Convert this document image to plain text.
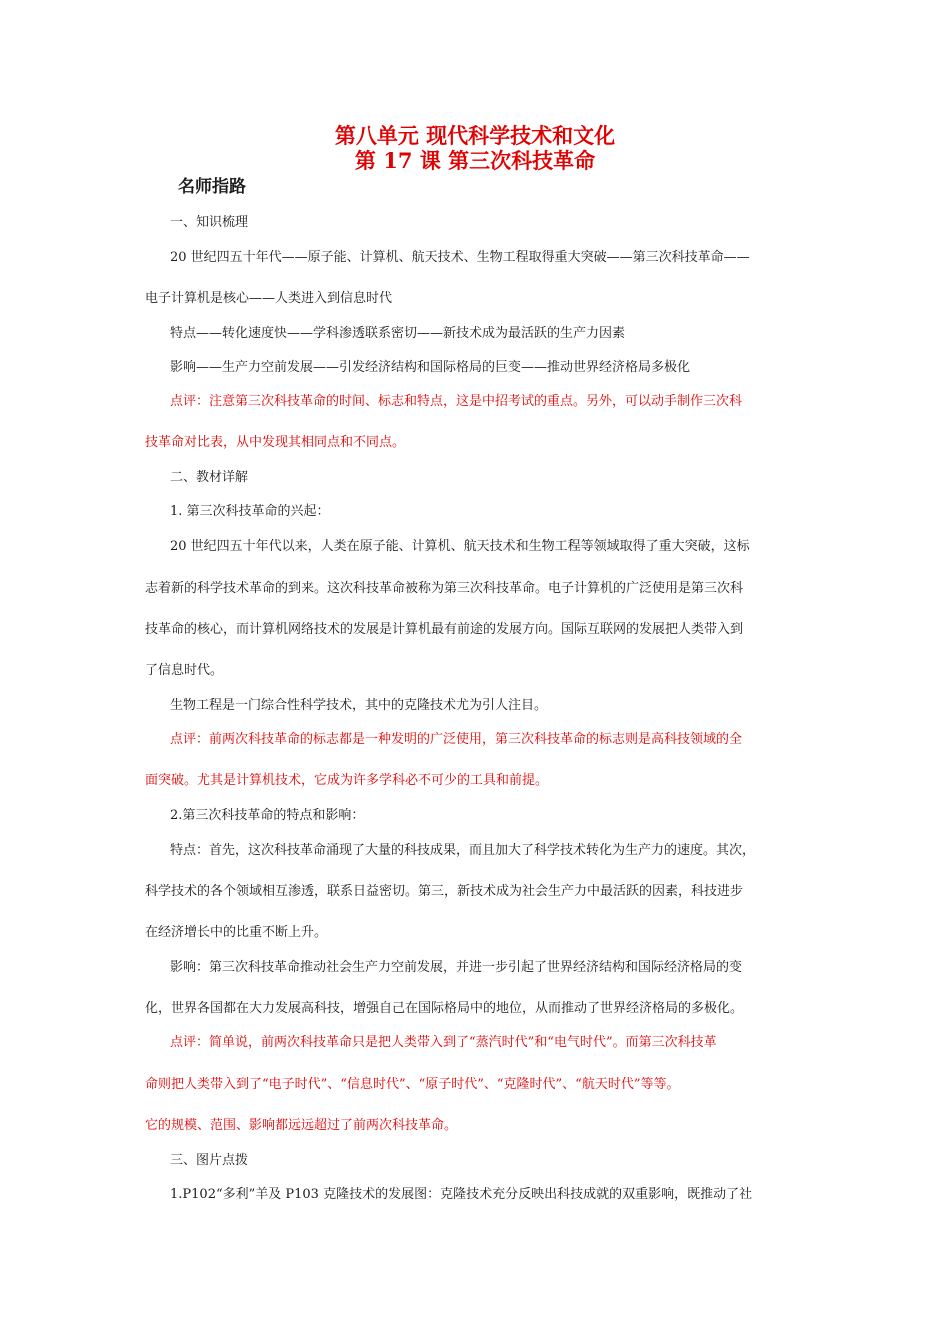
第八单元 现代科学技术和文化
第 17 课 第三次科技革命
名师指路
一、知识梳理
20 世纪四五十年代——原子能、计算机、航天技术、生物工程取得重大突破——第三次科技革命——
电子计算机是核心——人类进入到信息时代
特点——转化速度快——学科渗透联系密切——新技术成为最活跃的生产力因素
影响——生产力空前发展——引发经济结构和国际格局的巨变——推动世界经济格局多极化
点评：注意第三次科技革命的时间、标志和特点，这是中招考试的重点。另外，可以动手制作三次科
技革命对比表，从中发现其相同点和不同点。
二、教材详解
1. 第三次科技革命的兴起：
20 世纪四五十年代以来，人类在原子能、计算机、航天技术和生物工程等领域取得了重大突破，这标
志着新的科学技术革命的到来。这次科技革命被称为第三次科技革命。电子计算机的广泛使用是第三次科
技革命的核心，而计算机网络技术的发展是计算机最有前途的发展方向。国际互联网的发展把人类带入到
了信息时代。
生物工程是一门综合性科学技术，其中的克隆技术尤为引人注目。
点评：前两次科技革命的标志都是一种发明的广泛使用，第三次科技革命的标志则是高科技领域的全
面突破。尤其是计算机技术，它成为许多学科必不可少的工具和前提。
2.第三次科技革命的特点和影响：
特点：首先，这次科技革命涌现了大量的科技成果，而且加大了科学技术转化为生产力的速度。其次，
科学技术的各个领域相互渗透，联系日益密切。第三，新技术成为社会生产力中最活跃的因素，科技进步
在经济增长中的比重不断上升。
影响：第三次科技革命推动社会生产力空前发展，并进一步引起了世界经济结构和国际经济格局的变
化，世界各国都在大力发展高科技，增强自己在国际格局中的地位，从而推动了世界经济格局的多极化。
点评：简单说，前两次科技革命只是把人类带入到了“蒸汽时代”和“电气时代”。而第三次科技革
命则把人类带入到了“电子时代”、“信息时代”、“原子时代”、“克隆时代”、“航天时代”等等。
它的规模、范围、影响都远远超过了前两次科技革命。
三、图片点拨
1.P102“多利”羊及 P103 克隆技术的发展图：克隆技术充分反映出科技成就的双重影响，既推动了社
